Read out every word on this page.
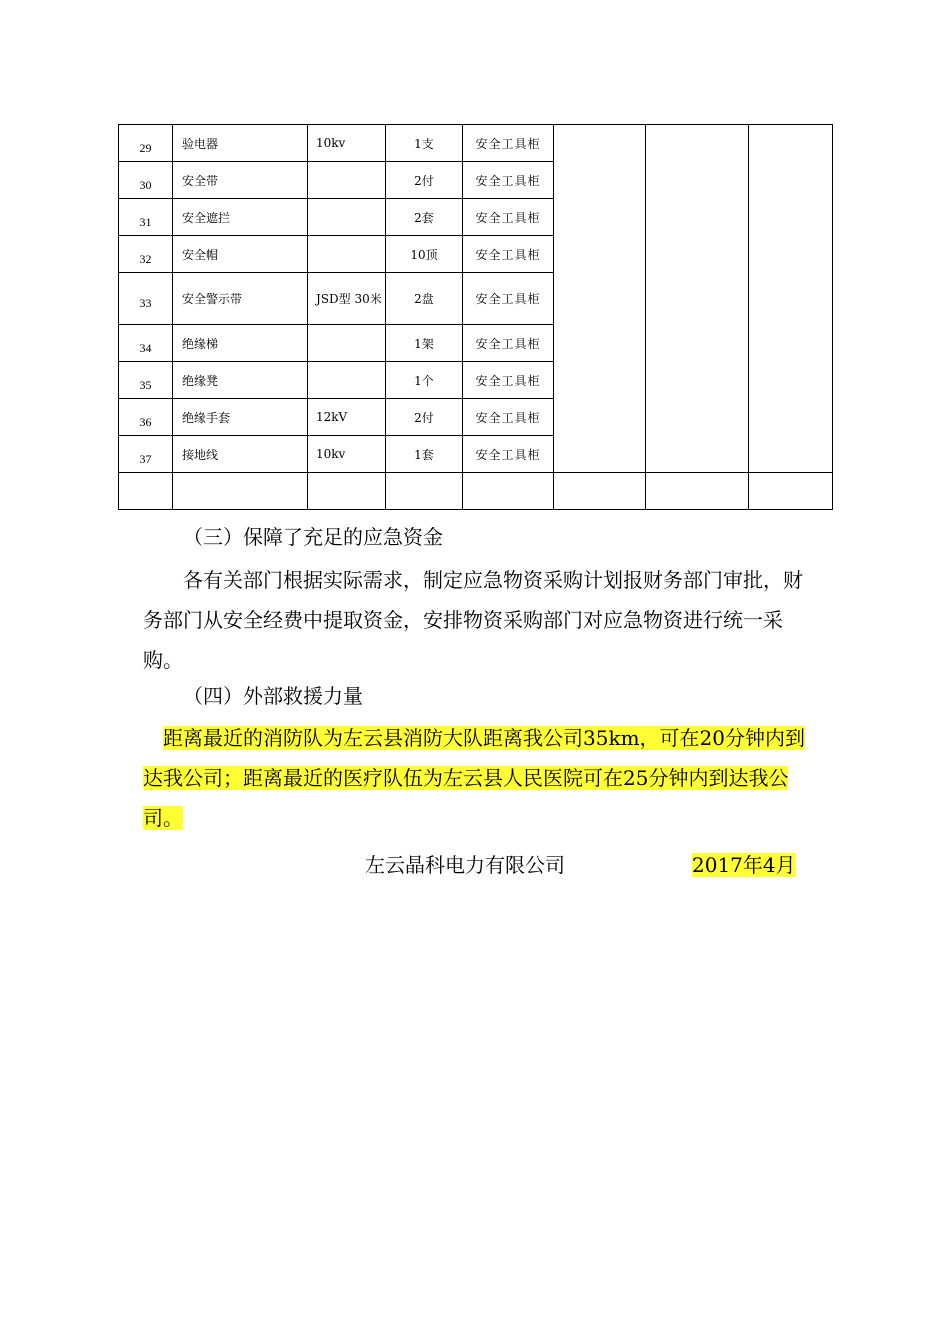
29	验电器	10kv	1支	安全工具柜			
30	安全带		2付	安全工具柜			
31	安全遮拦		2套	安全工具柜			
32	安全帽		10顶	安全工具柜			
33	安全警示带	JSD型 30米	2盘	安全工具柜			
34	绝缘梯		1架	安全工具柜			
35	绝缘凳		1个	安全工具柜			
36	绝缘手套	12kV	2付	安全工具柜			
37	接地线	10kv	1套	安全工具柜			

（三）保障了充足的应急资金

各有关部门根据实际需求，制定应急物资采购计划报财务部门审批，财务部门从安全经费中提取资金，安排物资采购部门对应急物资进行统一采购。

（四）外部救援力量

距离最近的消防队为左云县消防大队距离我公司35km，可在20分钟内到达我公司；距离最近的医疗队伍为左云县人民医院可在25分钟内到达我公司。

左云晶科电力有限公司	2017年4月
